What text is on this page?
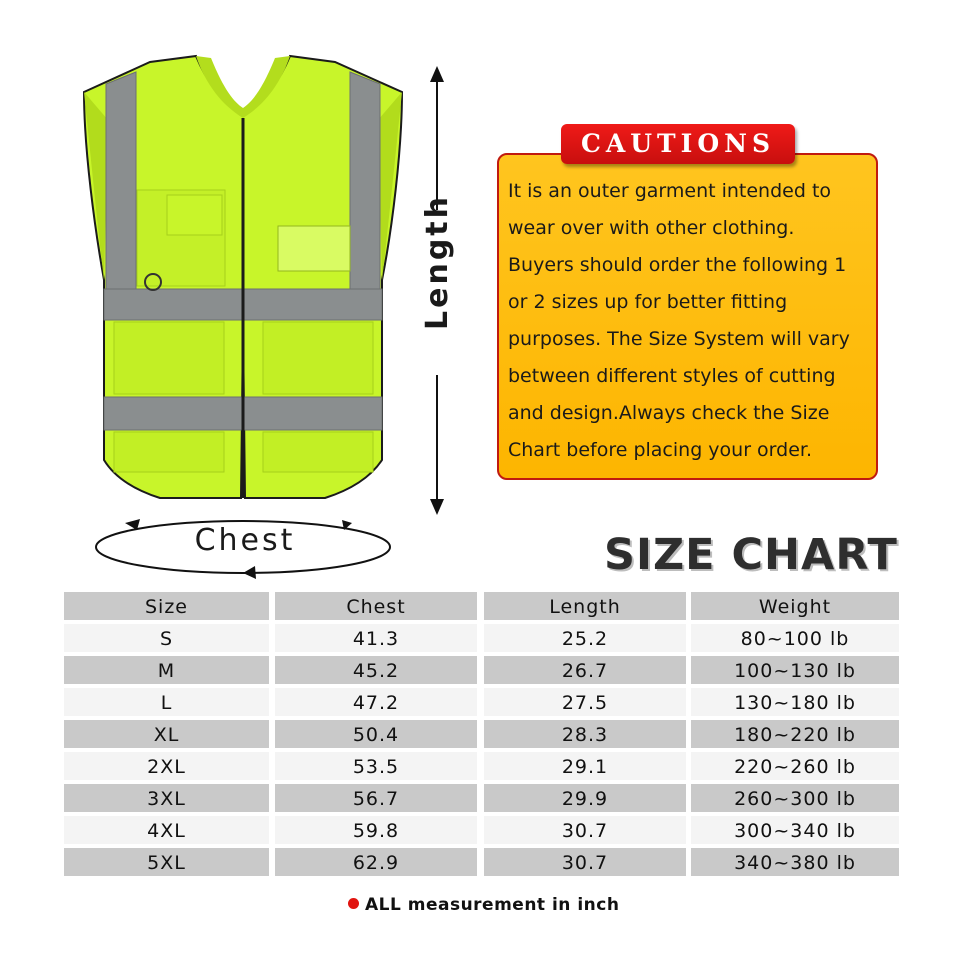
Length
Chest
CAUTIONS
It is an outer garment intended to
wear over with other clothing.
Buyers should order the following 1
or 2 sizes up for better fitting
purposes. The Size System will vary
between different styles of cutting
and design.Always check the Size
Chart before placing your order.
SIZE CHART
Size	Chest	Length	Weight
S	41.3	25.2	80~100 lb
M	45.2	26.7	100~130 lb
L	47.2	27.5	130~180 lb
XL	50.4	28.3	180~220 lb
2XL	53.5	29.1	220~260 lb
3XL	56.7	29.9	260~300 lb
4XL	59.8	30.7	300~340 lb
5XL	62.9	30.7	340~380 lb
ALL measurement in inch
